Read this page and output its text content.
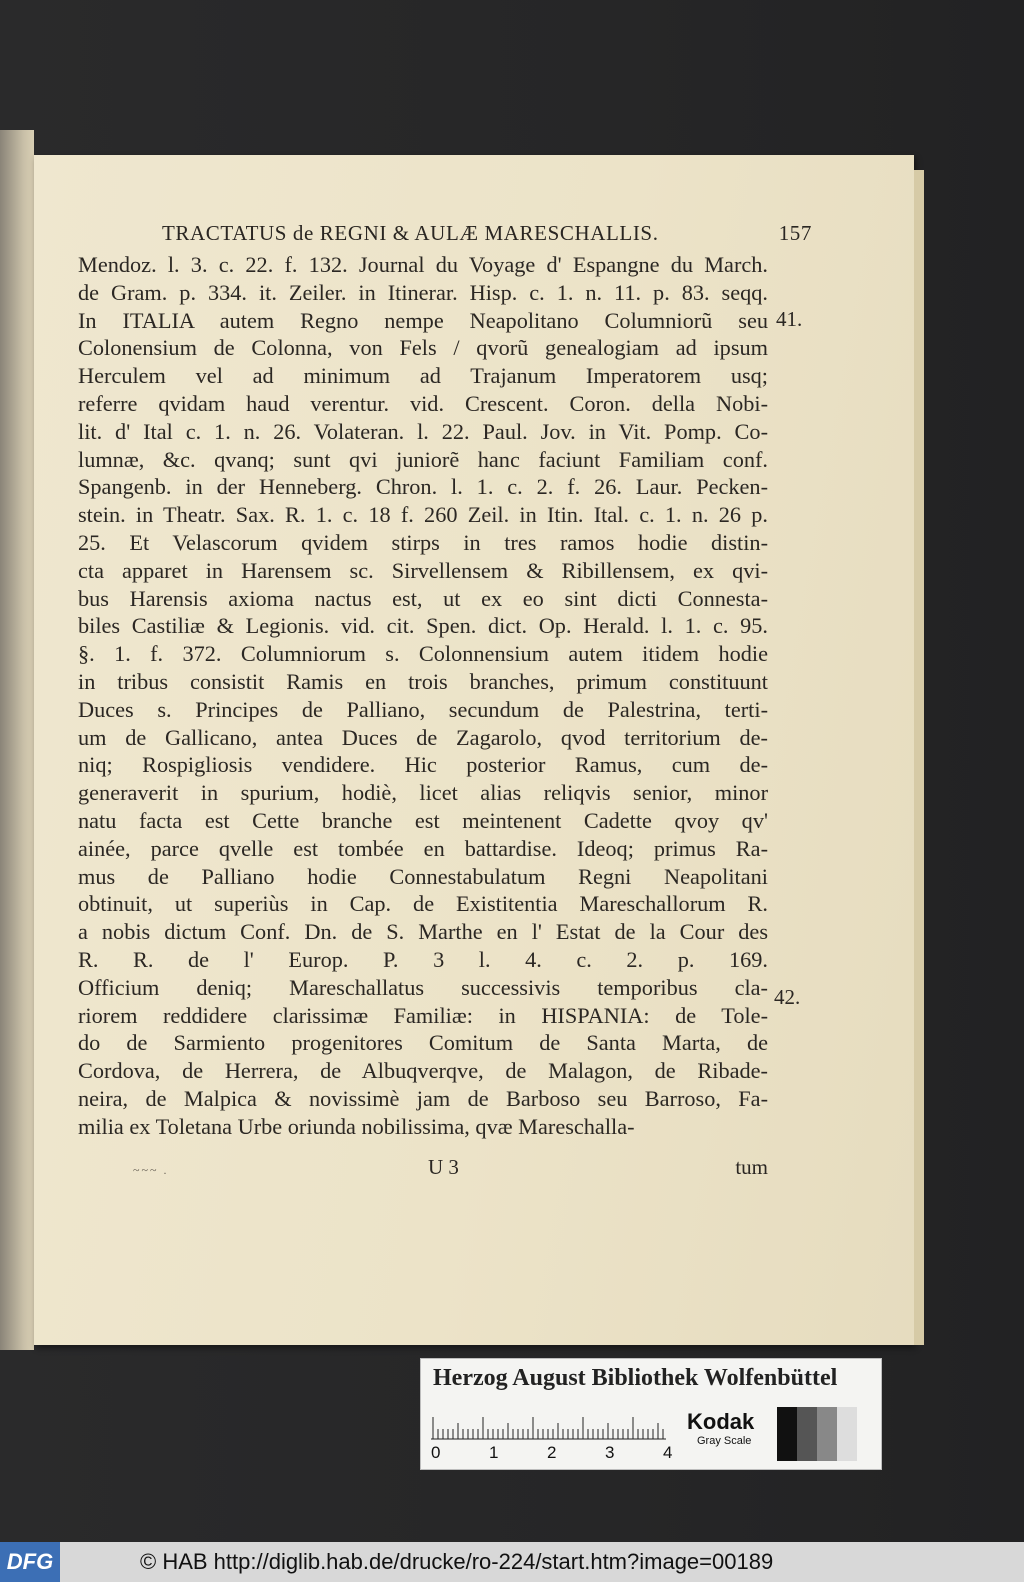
TRACTATUS de REGNI & AULÆ MARESCHALLIS.	157
Mendoz. l. 3. c. 22. f. 132. Journal du Voyage d' Espangne du March.
de Gram. p. 334. it. Zeiler. in Itinerar. Hisp. c. 1. n. 11. p. 83. seqq.
In ITALIA autem Regno nempe Neapolitano Columniorũ seu
Colonensium de Colonna, von Fels / qvorũ genealogiam ad ipsum
Herculem vel ad minimum ad Trajanum Imperatorem usq;
referre qvidam haud verentur. vid. Crescent. Coron. della Nobi-
lit. d' Ital c. 1. n. 26. Volateran. l. 22. Paul. Jov. in Vit. Pomp. Co-
lumnæ, &c. qvanq; sunt qvi juniorẽ hanc faciunt Familiam conf.
Spangenb. in der Henneberg. Chron. l. 1. c. 2. f. 26. Laur. Pecken-
stein. in Theatr. Sax. R. 1. c. 18 f. 260 Zeil. in Itin. Ital. c. 1. n. 26 p.
25. Et Velascorum qvidem stirps in tres ramos hodie distin-
cta apparet in Harensem sc. Sirvellensem & Ribillensem, ex qvi-
bus Harensis axioma nactus est, ut ex eo sint dicti Connesta-
biles Castiliæ & Legionis. vid. cit. Spen. dict. Op. Herald. l. 1. c. 95.
§. 1. f. 372. Columniorum s. Colonnensium autem itidem hodie
in tribus consistit Ramis en trois branches, primum constituunt
Duces s. Principes de Palliano, secundum de Palestrina, terti-
um de Gallicano, antea Duces de Zagarolo, qvod territorium de-
niq; Rospigliosis vendidere. Hic posterior Ramus, cum de-
generaverit in spurium, hodiè, licet alias reliqvis senior, minor
natu facta est Cette branche est meintenent Cadette qvoy qv'
ainée, parce qvelle est tombée en battardise. Ideoq; primus Ra-
mus de Palliano hodie Connestabulatum Regni Neapolitani
obtinuit, ut superiùs in Cap. de Existitentia Mareschallorum R.
a nobis dictum Conf. Dn. de S. Marthe en l' Estat de la Cour des
R. R. de l' Europ. P. 3 l. 4. c. 2. p. 169.
Officium deniq; Mareschallatus successivis temporibus cla-
riorem reddidere clarissimæ Familiæ: in HISPANIA: de Tole-
do de Sarmiento progenitores Comitum de Santa Marta, de
Cordova, de Herrera, de Albuqverqve, de Malagon, de Ribade-
neira, de Malpica & novissimè jam de Barboso seu Barroso, Fa-
milia ex Toletana Urbe oriunda nobilissima, qvæ Mareschalla-
41.
42.
~~~ .	U 3	tum
Herzog August Bibliothek Wolfenbüttel
0	1	2	3	4
Kodak
Gray Scale
DFG	© HAB http://diglib.hab.de/drucke/ro-224/start.htm?image=00189
